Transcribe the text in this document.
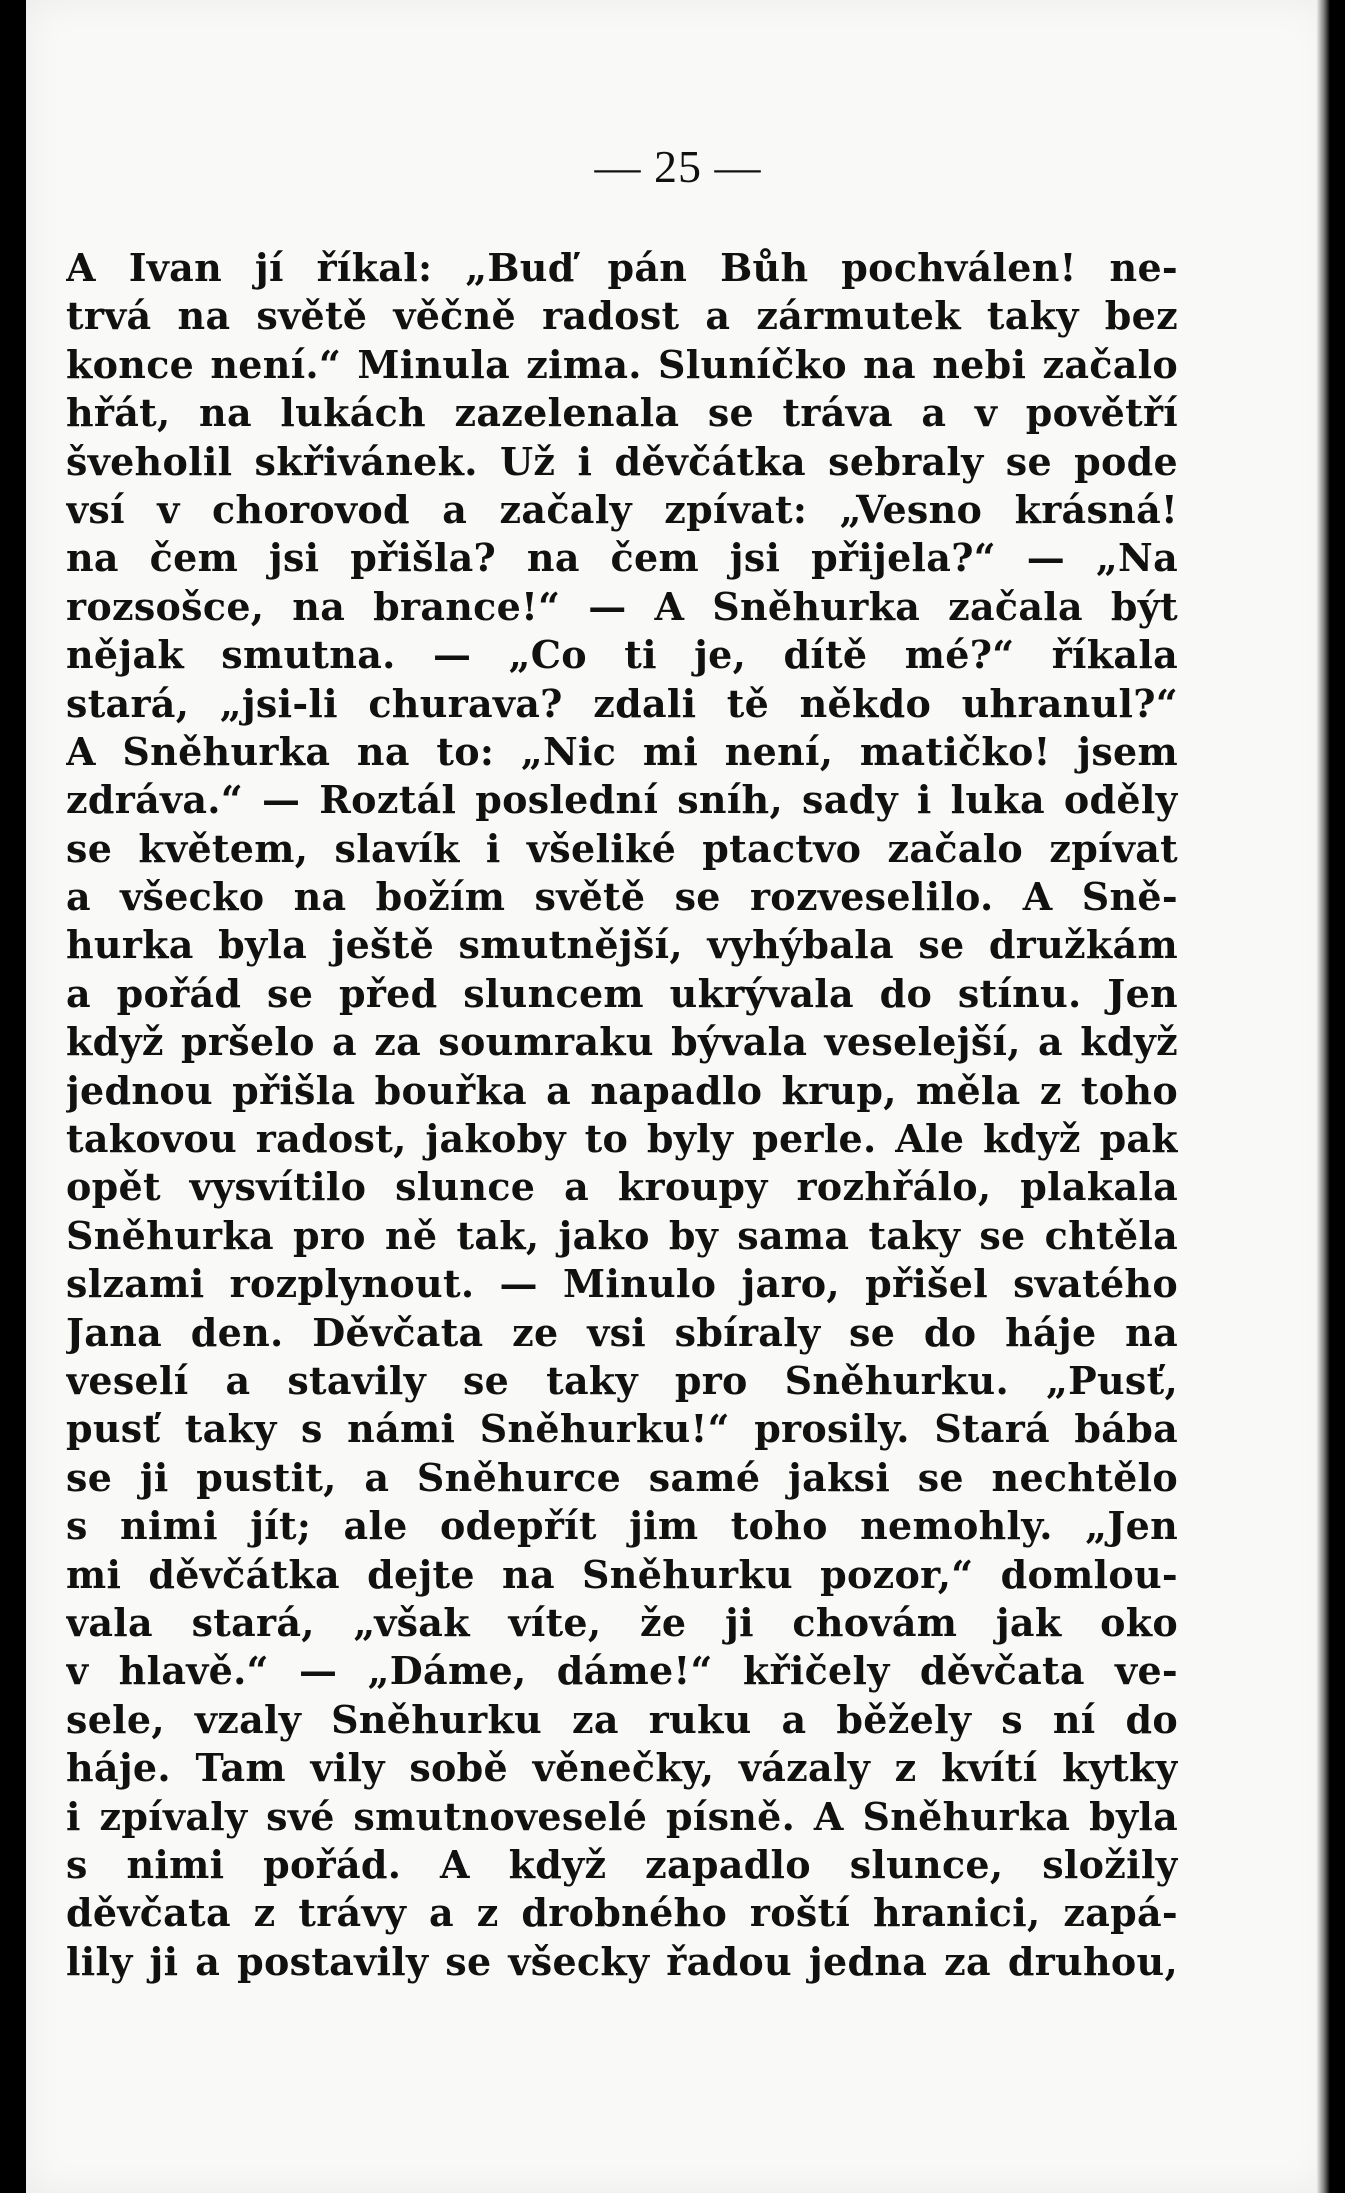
— 25 —
A Ivan jí říkal: „Buď pán Bůh pochválen! ne-
trvá na světě věčně radost a zármutek taky bez
konce není.“ Minula zima. Sluníčko na nebi začalo
hřát, na lukách zazelenala se tráva a v povětří
šveholil skřivánek. Už i děvčátka sebraly se pode
vsí v chorovod a začaly zpívat: „Vesno krásná!
na čem jsi přišla? na čem jsi přijela?“ — „Na
rozsošce, na brance!“ — A Sněhurka začala být
nějak smutna. — „Co ti je, dítě mé?“ říkala
stará, „jsi-li churava? zdali tě někdo uhranul?“
A Sněhurka na to: „Nic mi není, matičko! jsem
zdráva.“ — Roztál poslední sníh, sady i luka oděly
se květem, slavík i všeliké ptactvo začalo zpívat
a všecko na božím světě se rozveselilo. A Sně-
hurka byla ještě smutnější, vyhýbala se družkám
a pořád se před sluncem ukrývala do stínu. Jen
když pršelo a za soumraku bývala veselejší, a když
jednou přišla bouřka a napadlo krup, měla z toho
takovou radost, jakoby to byly perle. Ale když pak
opět vysvítilo slunce a kroupy rozhřálo, plakala
Sněhurka pro ně tak, jako by sama taky se chtěla
slzami rozplynout. — Minulo jaro, přišel svatého
Jana den. Děvčata ze vsi sbíraly se do háje na
veselí a stavily se taky pro Sněhurku. „Pusť,
pusť taky s námi Sněhurku!“ prosily. Stará bába
se ji pustit, a Sněhurce samé jaksi se nechtělo
s nimi jít; ale odepřít jim toho nemohly. „Jen
mi děvčátka dejte na Sněhurku pozor,“ domlou-
vala stará, „však víte, že ji chovám jak oko
v hlavě.“ — „Dáme, dáme!“ křičely děvčata ve-
sele, vzaly Sněhurku za ruku a běžely s ní do
háje. Tam vily sobě věnečky, vázaly z kvítí kytky
i zpívaly své smutnoveselé písně. A Sněhurka byla
s nimi pořád. A když zapadlo slunce, složily
děvčata z trávy a z drobného roští hranici, zapá-
lily ji a postavily se všecky řadou jedna za druhou,
